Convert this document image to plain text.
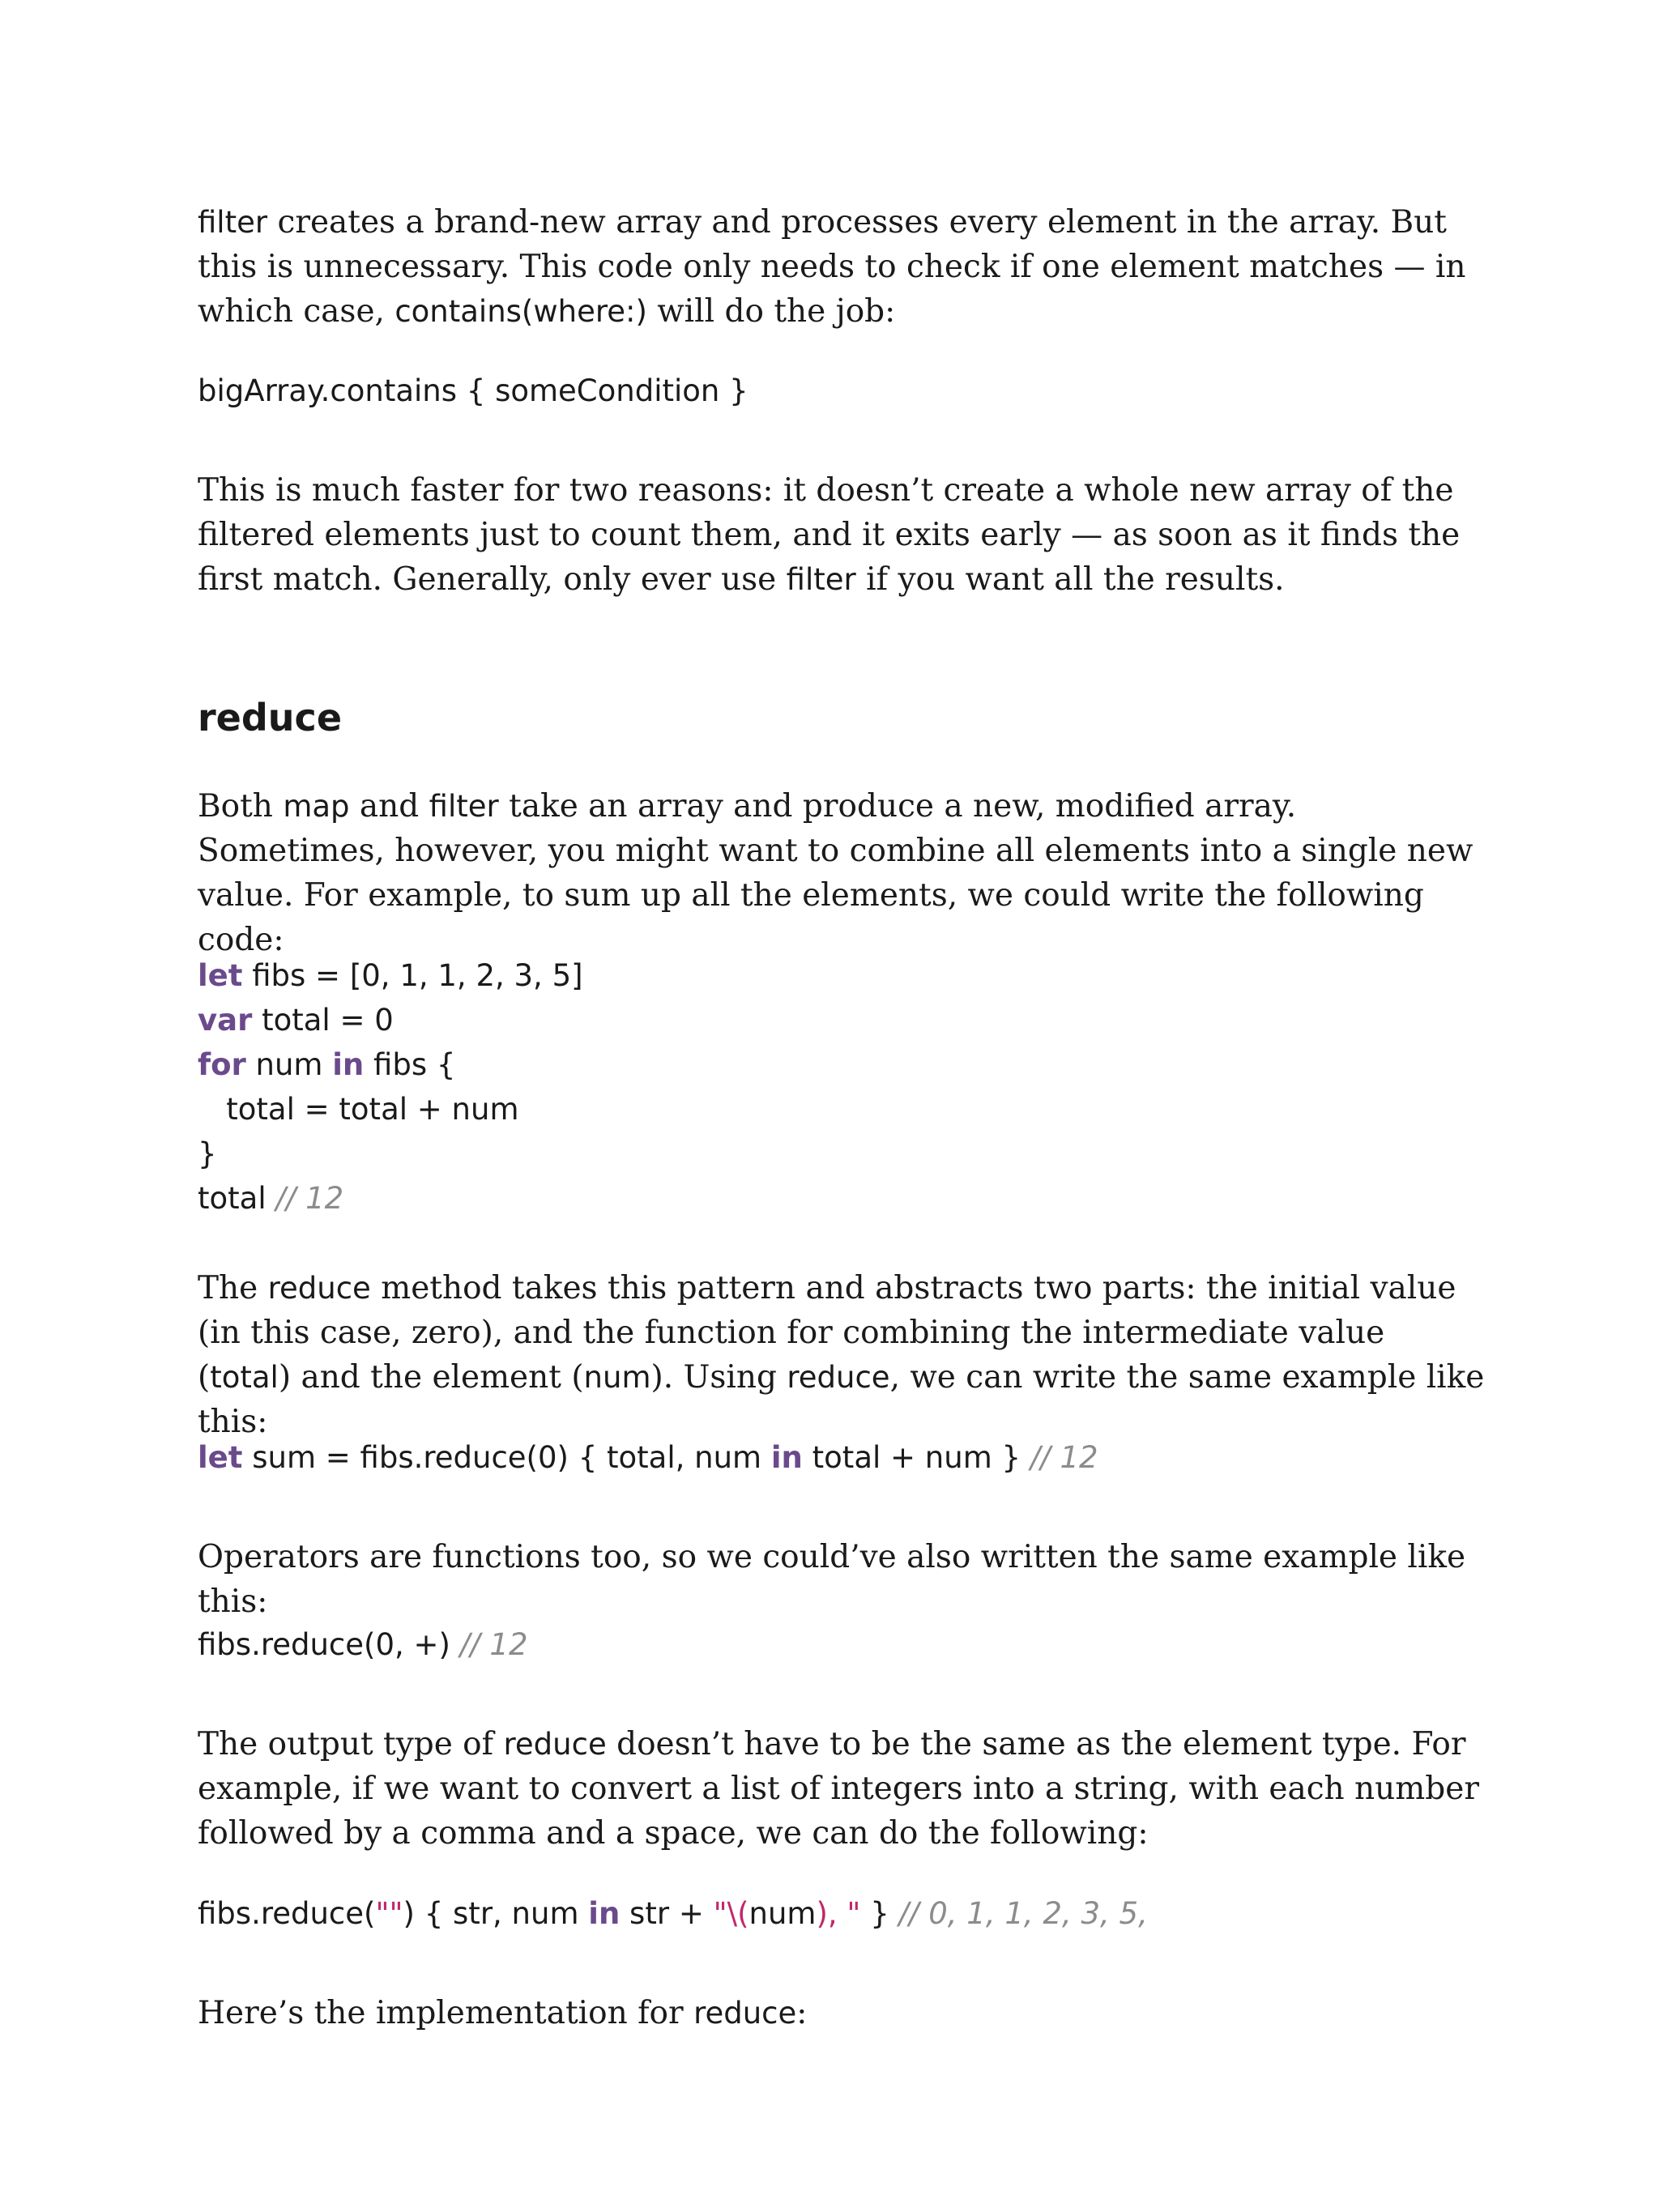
filter creates a brand-new array and processes every element in the array. But this is unnecessary. This code only needs to check if one element matches — in which case, contains(where:) will do the job:

bigArray.contains { someCondition }

This is much faster for two reasons: it doesn’t create a whole new array of the filtered elements just to count them, and it exits early — as soon as it finds the first match. Generally, only ever use filter if you want all the results.

reduce

Both map and filter take an array and produce a new, modified array. Sometimes, however, you might want to combine all elements into a single new value. For example, to sum up all the elements, we could write the following code:

let fibs = [0, 1, 1, 2, 3, 5]
var total = 0
for num in fibs {
total = total + num
}
total // 12

The reduce method takes this pattern and abstracts two parts: the initial value (in this case, zero), and the function for combining the intermediate value (total) and the element (num). Using reduce, we can write the same example like this:

let sum = fibs.reduce(0) { total, num in total + num } // 12

Operators are functions too, so we could’ve also written the same example like this:

fibs.reduce(0, +) // 12

The output type of reduce doesn’t have to be the same as the element type. For example, if we want to convert a list of integers into a string, with each number followed by a comma and a space, we can do the following:

fibs.reduce("") { str, num in str + "\(num), " } // 0, 1, 1, 2, 3, 5,

Here’s the implementation for reduce:
